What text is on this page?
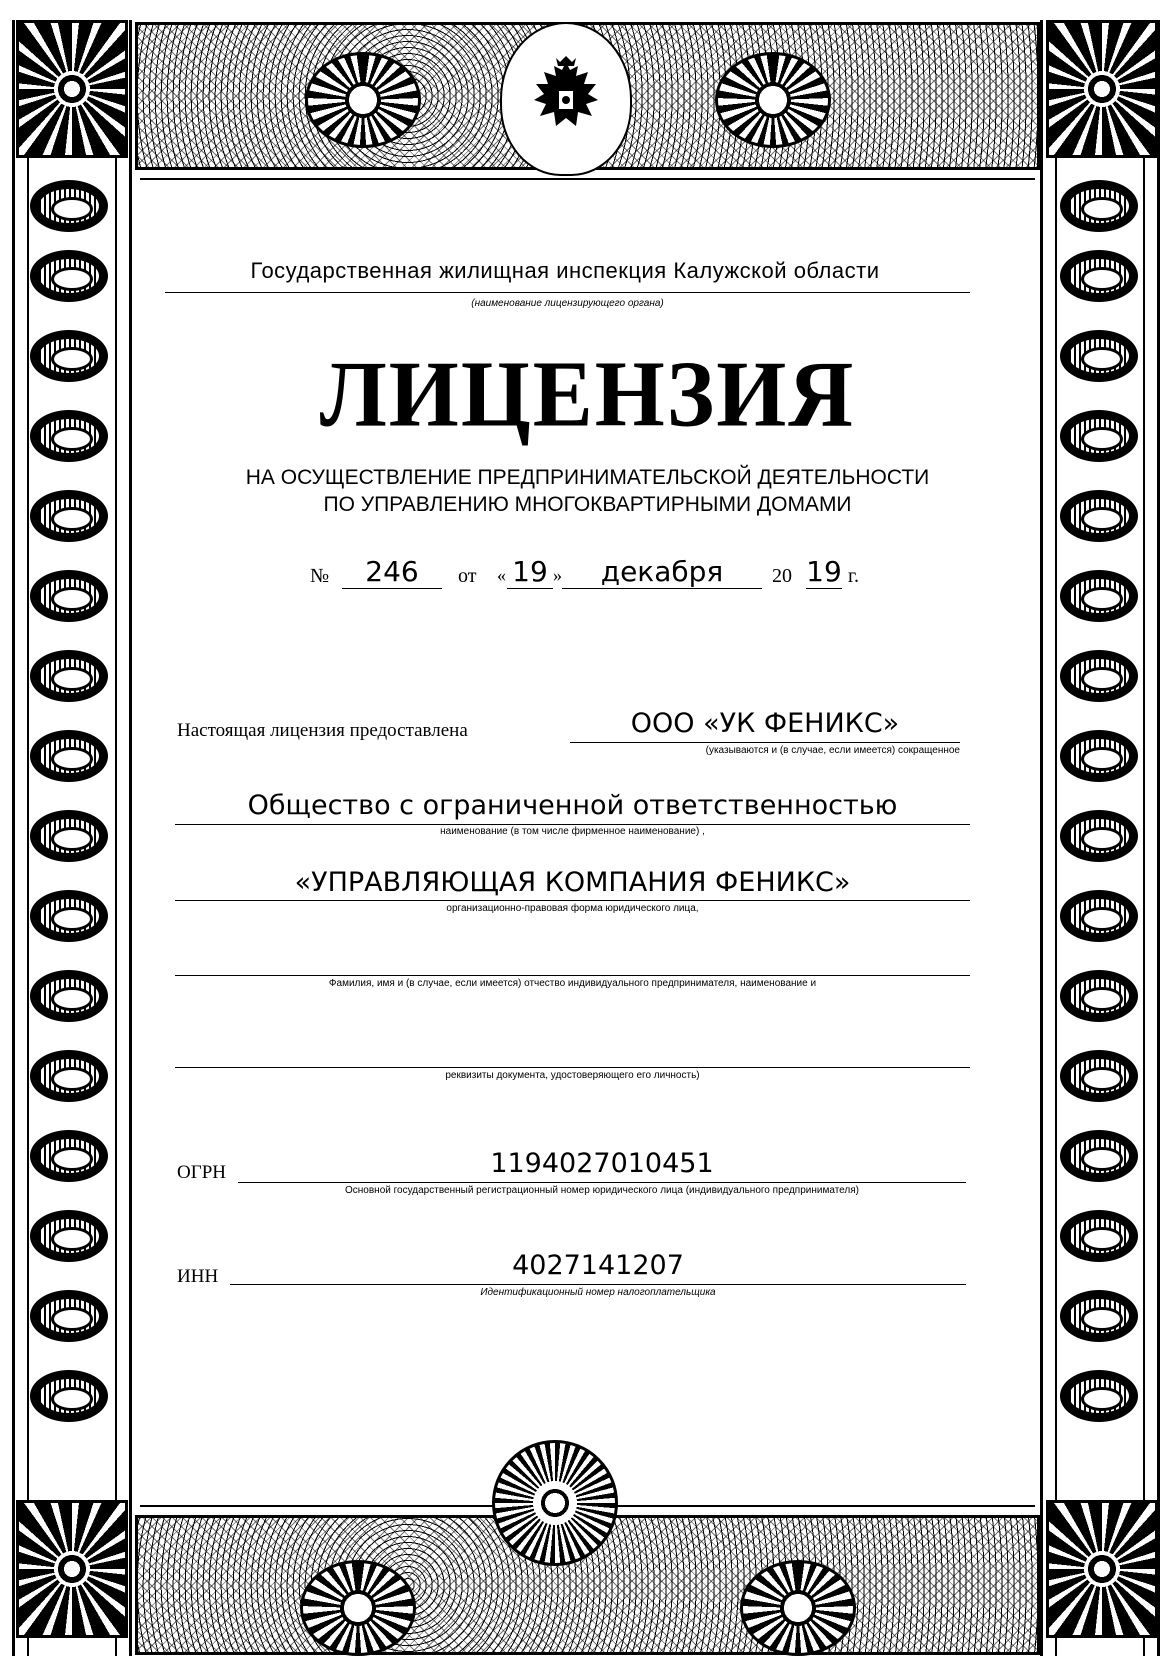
Государственная жилищная инспекция Калужской области
(наименование лицензирующего органа)
ЛИЦЕНЗИЯ
НА ОСУЩЕСТВЛЕНИЕ ПРЕДПРИНИМАТЕЛЬСКОЙ ДЕЯТЕЛЬНОСТИ
ПО УПРАВЛЕНИЮ МНОГОКВАРТИРНЫМИ ДОМАМИ
№	246	от « 19 »	декабря	20 19 г.
Настоящая лицензия предоставлена	ООО «УК ФЕНИКС»
(указываются и (в случае, если имеется) сокращенное
Общество с ограниченной ответственностью
наименование (в том числе фирменное наименование) ,
«УПРАВЛЯЮЩАЯ КОМПАНИЯ ФЕНИКС»
организационно-правовая форма юридического лица,
Фамилия, имя и (в случае, если имеется) отчество индивидуального предпринимателя, наименование и
реквизиты документа, удостоверяющего его личность)
ОГРН	1194027010451
Основной государственный регистрационный номер юридического лица (индивидуального предпринимателя)
ИНН	4027141207
Идентификационный номер налогоплательщика
